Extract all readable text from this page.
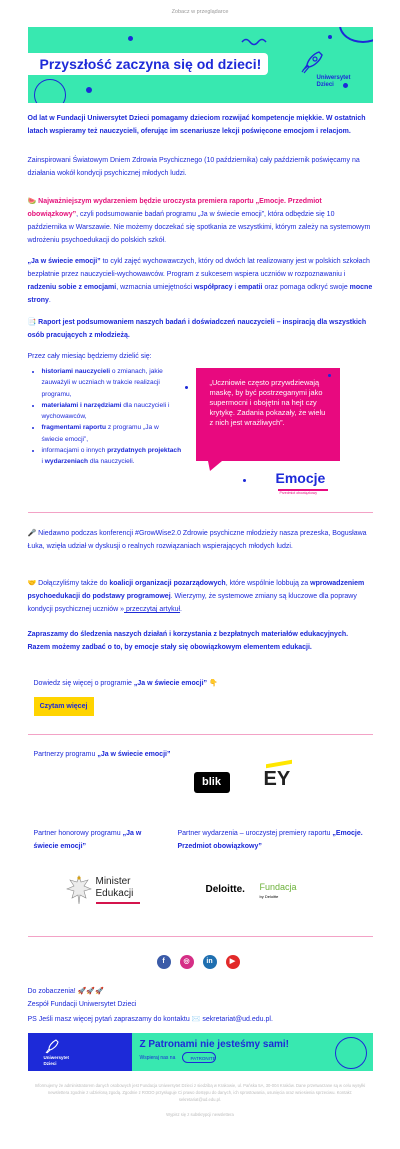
Zobacz w przeglądarce
Przyszłość zaczyna się od dzieci!
Uniwersytet
Dzieci

Od lat w Fundacji Uniwersytet Dzieci pomagamy dzieciom rozwijać kompetencje miękkie. W ostatnich latach wspieramy też nauczycieli, oferując im scenariusze lekcji poświęcone emocjom i relacjom.

Zainspirowani Światowym Dniem Zdrowia Psychicznego (10 października) cały październik poświęcamy na działania wokół kondycji psychicznej młodych ludzi.

🍉 Najważniejszym wydarzeniem będzie uroczysta premiera raportu „Emocje. Przedmiot obowiązkowy”, czyli podsumowanie badań programu „Ja w świecie emocji”, która odbędzie się 10 października w Warszawie. Nie możemy doczekać się spotkania ze wszystkimi, którym zależy na systemowym wdrożeniu psychoedukacji do polskich szkół.

„Ja w świecie emocji” to cykl zajęć wychowawczych, który od dwóch lat realizowany jest w polskich szkołach bezpłatnie przez nauczycieli-wychowawców. Program z sukcesem wspiera uczniów w rozpoznawaniu i radzeniu sobie z emocjami, wzmacnia umiejętności współpracy i empatii oraz pomaga odkryć swoje mocne strony.

📑 Raport jest podsumowaniem naszych badań i doświadczeń nauczycieli – inspiracją dla wszystkich osób pracujących z młodzieżą.

Przez cały miesiąc będziemy dzielić się:

• historiami nauczycieli o zmianach, jakie zauważyli w uczniach w trakcie realizacji programu,
• materiałami i narzędziami dla nauczycieli i wychowawców,
• fragmentami raportu z programu „Ja w świecie emocji”,
• informacjami o innych przydatnych projektach i wydarzeniach dla nauczycieli.
„Uczniowie często przywdziewają maskę, by być postrzeganymi jako supermocni i obojętni na hejt czy krytykę. Zadania pokazały, że wielu z nich jest wrażliwych”.
Emocje
Przedmiot obowiązkowy

🎤 Niedawno podczas konferencji #GrowWise2.0 Zdrowie psychiczne młodzieży nasza prezeska, Bogusława Łuka, wzięła udział w dyskusji o realnych rozwiązaniach wspierających młodych ludzi.

🤝 Dołączyliśmy także do koalicji organizacji pozarządowych, które wspólnie lobbują za wprowadzeniem psychoedukacji do podstawy programowej. Wierzymy, że systemowe zmiany są kluczowe dla poprawy kondycji psychicznej uczniów » przeczytaj artykuł.

Zapraszamy do śledzenia naszych działań i korzystania z bezpłatnych materiałów edukacyjnych. Razem możemy zadbać o to, by emocje stały się obowiązkowym elementem edukacji.

Dowiedz się więcej o programie „Ja w świecie emocji” 👇

Czytam więcej

Partnerzy programu „Ja w świecie emocji”

blik	EY

Partner honorowy programu „Ja w świecie emocji”

Partner wydarzenia – uroczystej premiery raportu „Emocje. Przedmiot obowiązkowy”

Minister
Edukacji	Deloitte. Fundacja
by Deloitte
f	◎	in	▶

Do zobaczenia! 🚀🚀🚀

Zespół Fundacji Uniwersytet Dzieci

PS Jeśli masz więcej pytań zapraszamy do kontaktu ✉️ sekretariat@ud.edu.pl.

Uniwersytet
Dzieci
Z Patronami nie jesteśmy sami!
Wspieraj nas na	PATRONITE
Informujemy że administratorem danych osobowych jest Fundacja Uniwersytet Dzieci z siedzibą w Krakowie, ul. Pańska 5A, 30-004 Kraków. Dane przetwarzane są w celu wysyłki newslettera zgodnie z udzieloną zgodą. Zgodnie z RODO przysługuje Ci prawo dostępu do danych, ich sprostowania, usunięcia oraz wniesienia sprzeciwu. Kontakt: sekretariat@ud.edu.pl.
Wypisz się z subskrypcji newslettera
